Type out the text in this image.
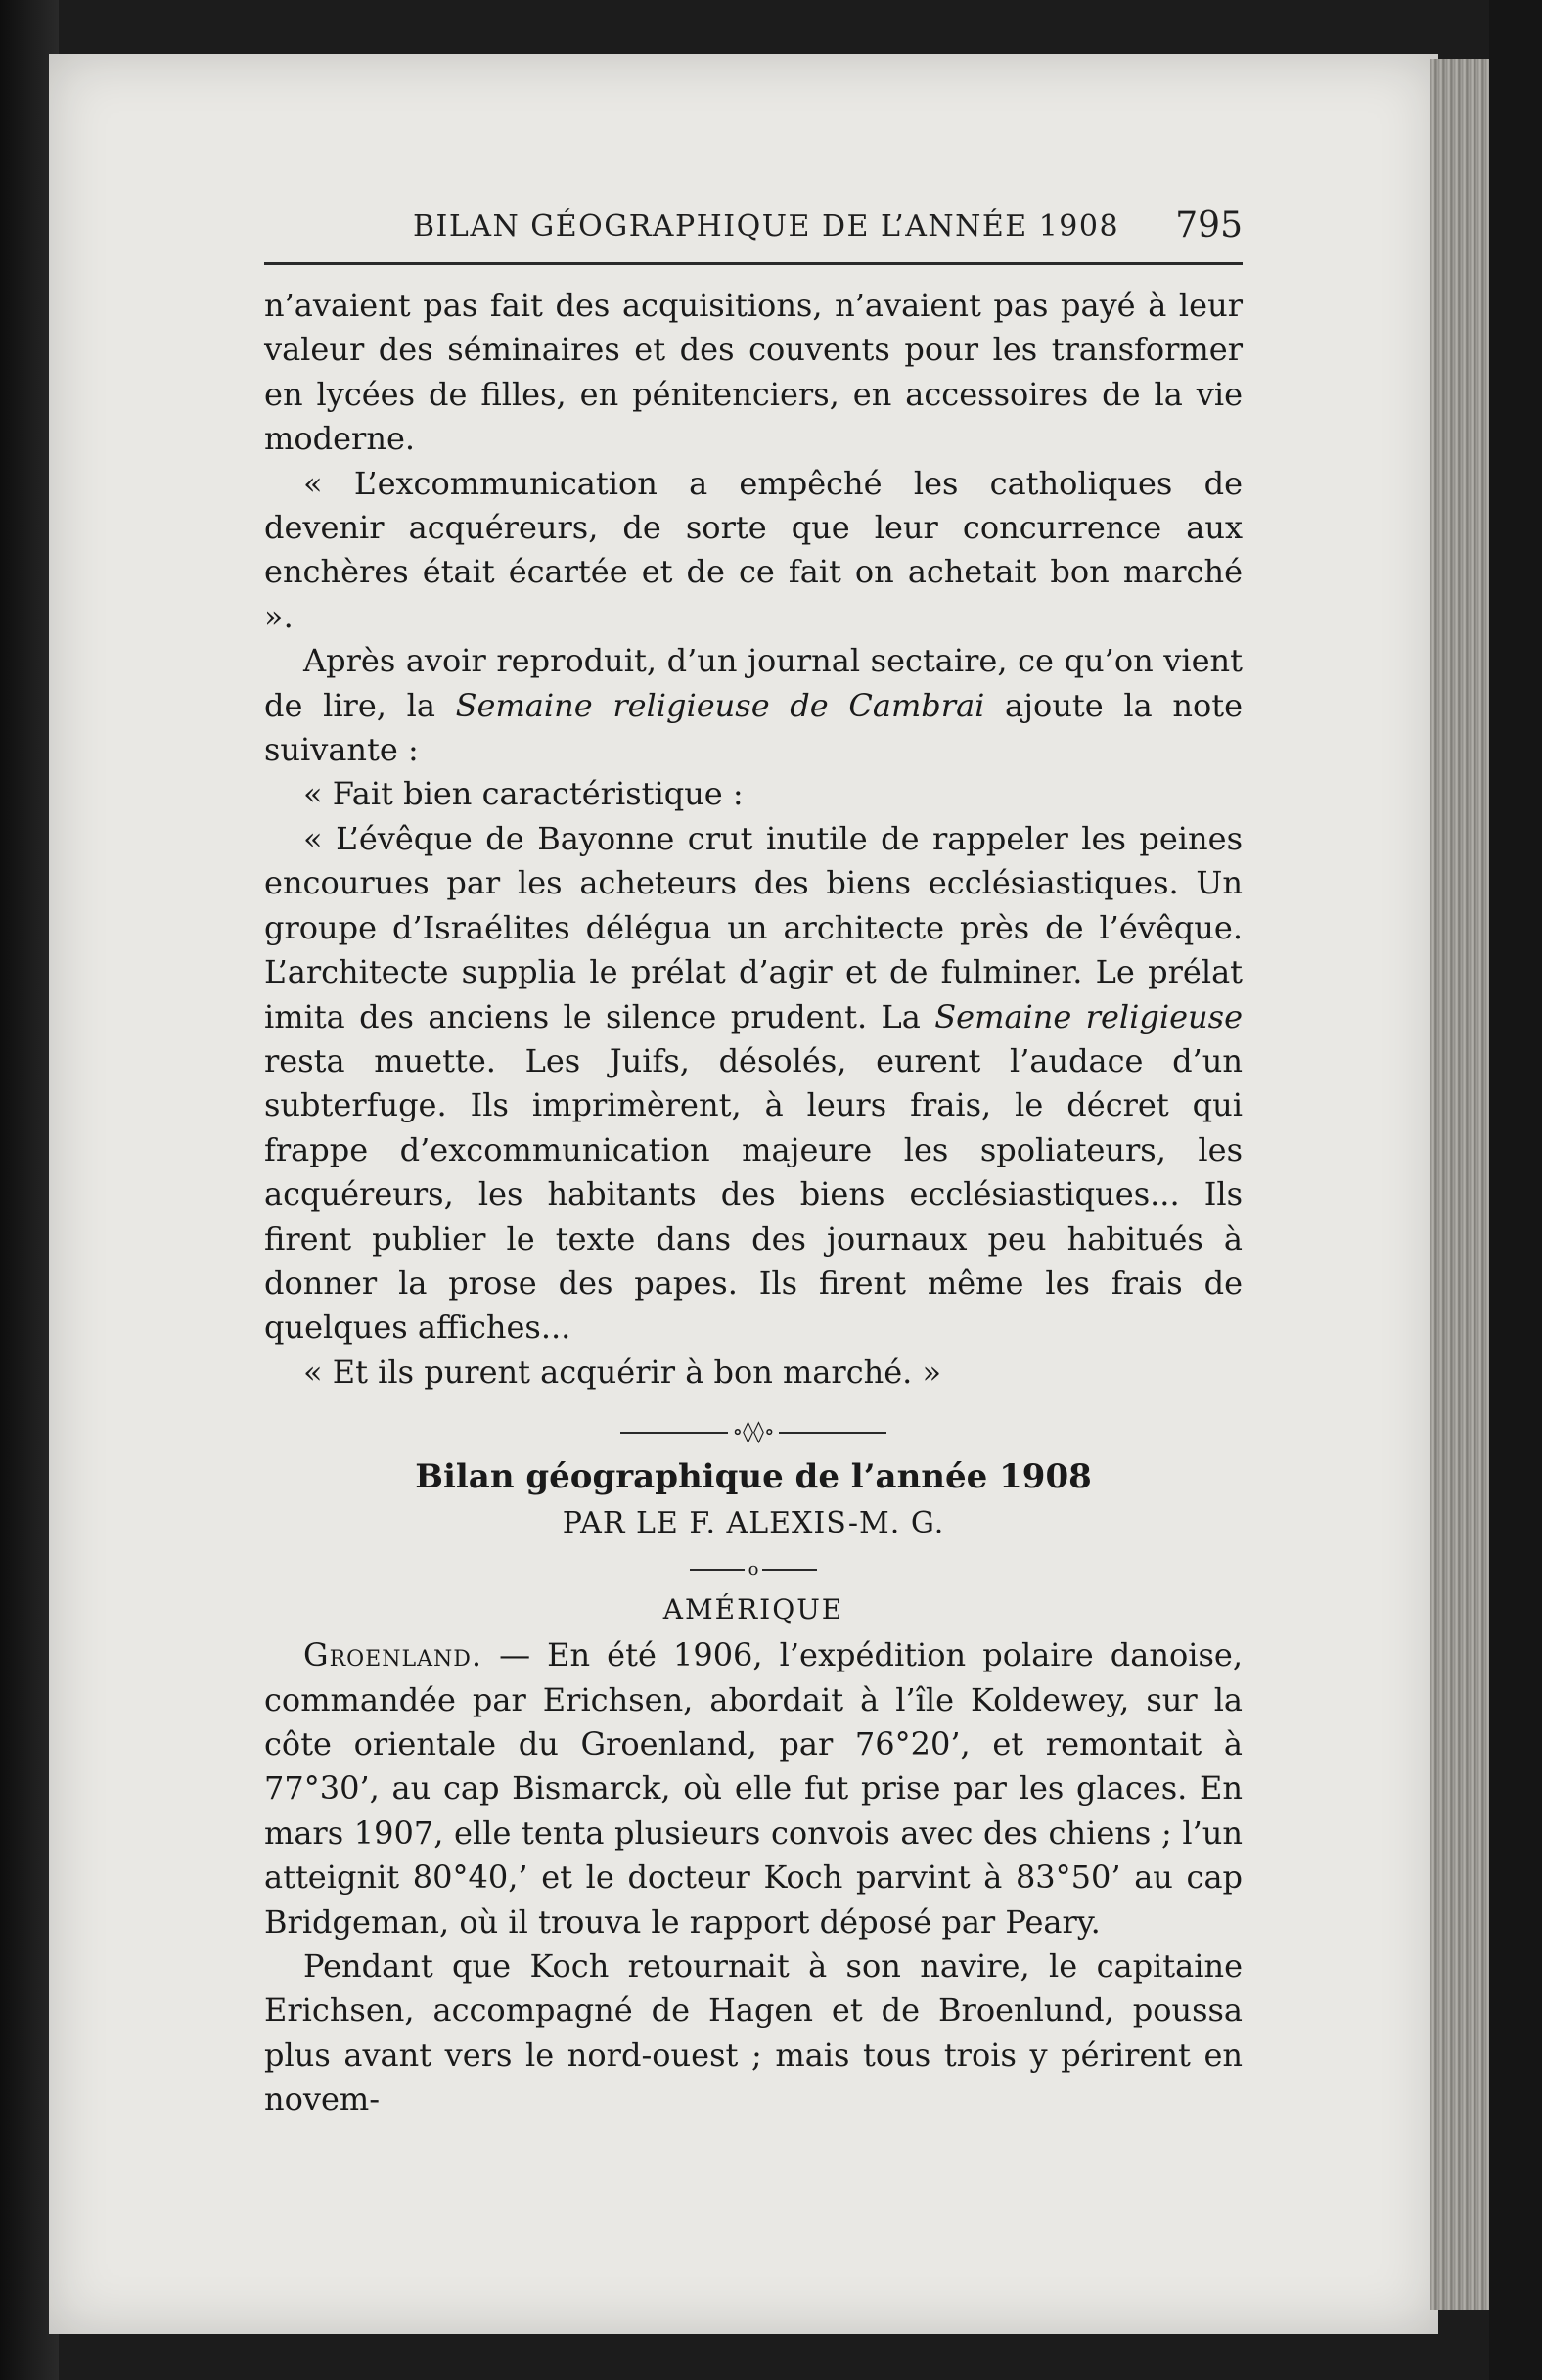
BILAN GÉOGRAPHIQUE DE L’ANNÉE 1908 795

n’avaient pas fait des acquisitions, n’avaient pas payé à leur valeur des séminaires et des couvents pour les transformer en lycées de filles, en pénitenciers, en accessoires de la vie moderne.

« L’excommunication a empêché les catholiques de devenir acquéreurs, de sorte que leur concurrence aux enchères était écartée et de ce fait on achetait bon marché ».

Après avoir reproduit, d’un journal sectaire, ce qu’on vient de lire, la Semaine religieuse de Cambrai ajoute la note suivante :

« Fait bien caractéristique :

« L’évêque de Bayonne crut inutile de rappeler les peines encourues par les acheteurs des biens ecclésiastiques. Un groupe d’Israélites délégua un architecte près de l’évêque. L’architecte supplia le prélat d’agir et de fulminer. Le prélat imita des anciens le silence prudent. La Semaine religieuse resta muette. Les Juifs, désolés, eurent l’audace d’un subterfuge. Ils imprimèrent, à leurs frais, le décret qui frappe d’excommunication majeure les spoliateurs, les acquéreurs, les habitants des biens ecclésiastiques... Ils firent publier le texte dans des journaux peu habitués à donner la prose des papes. Ils firent même les frais de quelques affiches...

« Et ils purent acquérir à bon marché. »

∘◊◊∘
Bilan géographique de l’année 1908
PAR LE F. ALEXIS-M. G.
o
AMÉRIQUE

Groenland. — En été 1906, l’expédition polaire danoise, commandée par Erichsen, abordait à l’île Koldewey, sur la côte orientale du Groenland, par 76°20’, et remontait à 77°30’, au cap Bismarck, où elle fut prise par les glaces. En mars 1907, elle tenta plusieurs convois avec des chiens ; l’un atteignit 80°40,’ et le docteur Koch parvint à 83°50’ au cap Bridgeman, où il trouva le rapport déposé par Peary.

Pendant que Koch retournait à son navire, le capitaine Erichsen, accompagné de Hagen et de Broenlund, poussa plus avant vers le nord-ouest ; mais tous trois y périrent en novem-
